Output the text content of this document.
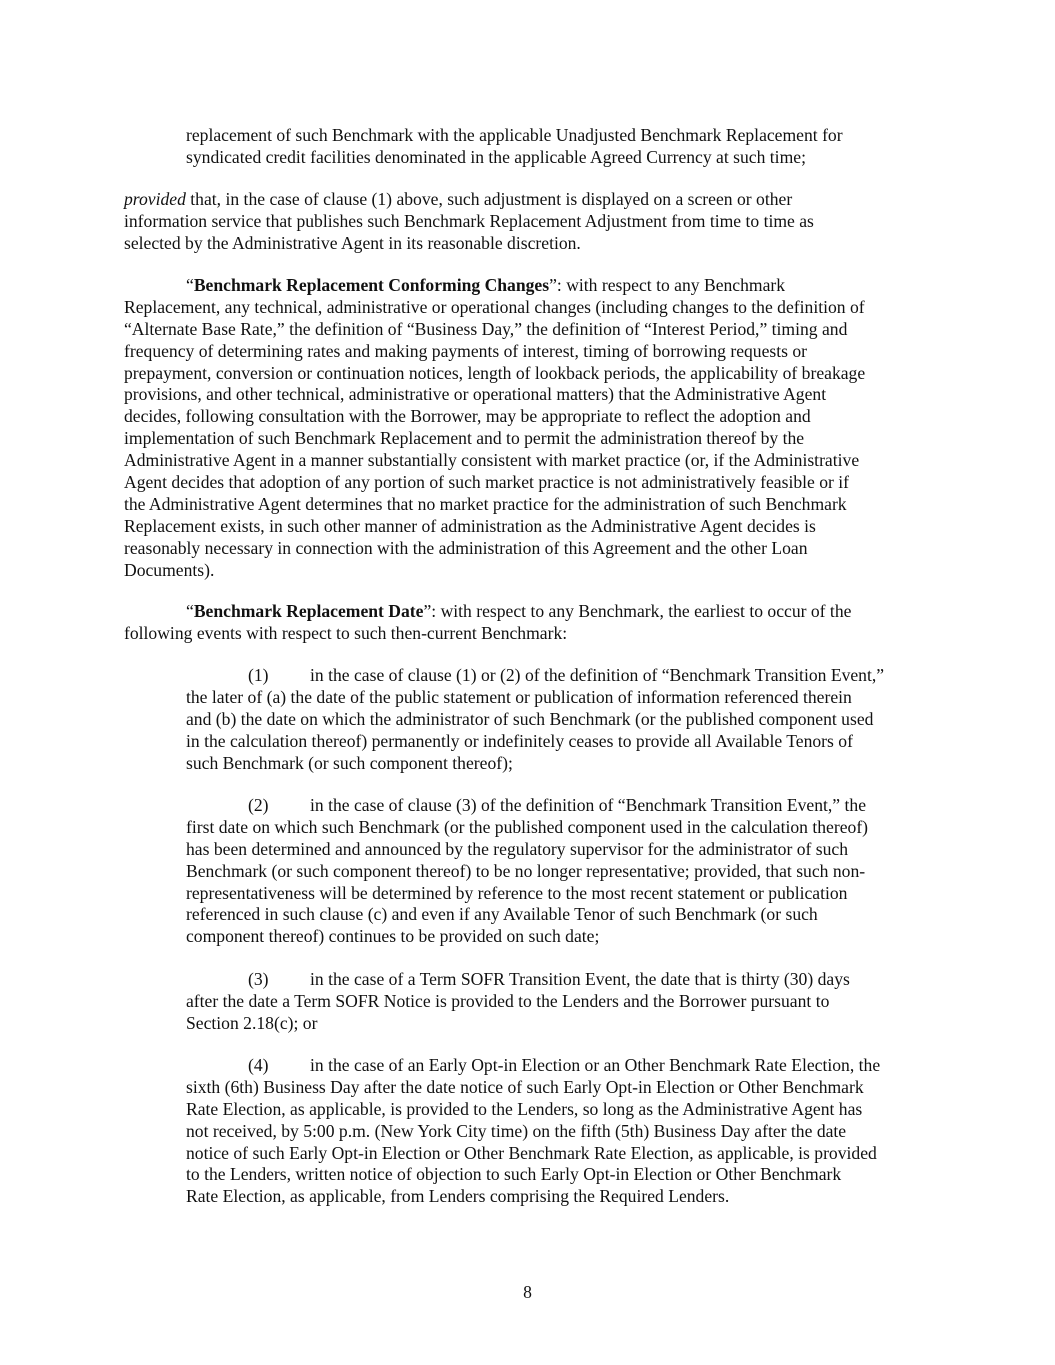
replacement of such Benchmark with the applicable Unadjusted Benchmark Replacement for
syndicated credit facilities denominated in the applicable Agreed Currency at such time;
provided that, in the case of clause (1) above, such adjustment is displayed on a screen or other
information service that publishes such Benchmark Replacement Adjustment from time to time as
selected by the Administrative Agent in its reasonable discretion.
“Benchmark Replacement Conforming Changes”: with respect to any Benchmark
Replacement, any technical, administrative or operational changes (including changes to the definition of
“Alternate Base Rate,” the definition of “Business Day,” the definition of “Interest Period,” timing and
frequency of determining rates and making payments of interest, timing of borrowing requests or
prepayment, conversion or continuation notices, length of lookback periods, the applicability of breakage
provisions, and other technical, administrative or operational matters) that the Administrative Agent
decides, following consultation with the Borrower, may be appropriate to reflect the adoption and
implementation of such Benchmark Replacement and to permit the administration thereof by the
Administrative Agent in a manner substantially consistent with market practice (or, if the Administrative
Agent decides that adoption of any portion of such market practice is not administratively feasible or if
the Administrative Agent determines that no market practice for the administration of such Benchmark
Replacement exists, in such other manner of administration as the Administrative Agent decides is
reasonably necessary in connection with the administration of this Agreement and the other Loan
Documents).
“Benchmark Replacement Date”: with respect to any Benchmark, the earliest to occur of the
following events with respect to such then-current Benchmark:
(1) in the case of clause (1) or (2) of the definition of “Benchmark Transition Event,”
the later of (a) the date of the public statement or publication of information referenced therein
and (b) the date on which the administrator of such Benchmark (or the published component used
in the calculation thereof) permanently or indefinitely ceases to provide all Available Tenors of
such Benchmark (or such component thereof);
(2) in the case of clause (3) of the definition of “Benchmark Transition Event,” the
first date on which such Benchmark (or the published component used in the calculation thereof)
has been determined and announced by the regulatory supervisor for the administrator of such
Benchmark (or such component thereof) to be no longer representative; provided, that such non-
representativeness will be determined by reference to the most recent statement or publication
referenced in such clause (c) and even if any Available Tenor of such Benchmark (or such
component thereof) continues to be provided on such date;
(3) in the case of a Term SOFR Transition Event, the date that is thirty (30) days
after the date a Term SOFR Notice is provided to the Lenders and the Borrower pursuant to
Section 2.18(c); or
(4) in the case of an Early Opt-in Election or an Other Benchmark Rate Election, the
sixth (6th) Business Day after the date notice of such Early Opt-in Election or Other Benchmark
Rate Election, as applicable, is provided to the Lenders, so long as the Administrative Agent has
not received, by 5:00 p.m. (New York City time) on the fifth (5th) Business Day after the date
notice of such Early Opt-in Election or Other Benchmark Rate Election, as applicable, is provided
to the Lenders, written notice of objection to such Early Opt-in Election or Other Benchmark
Rate Election, as applicable, from Lenders comprising the Required Lenders.
8
